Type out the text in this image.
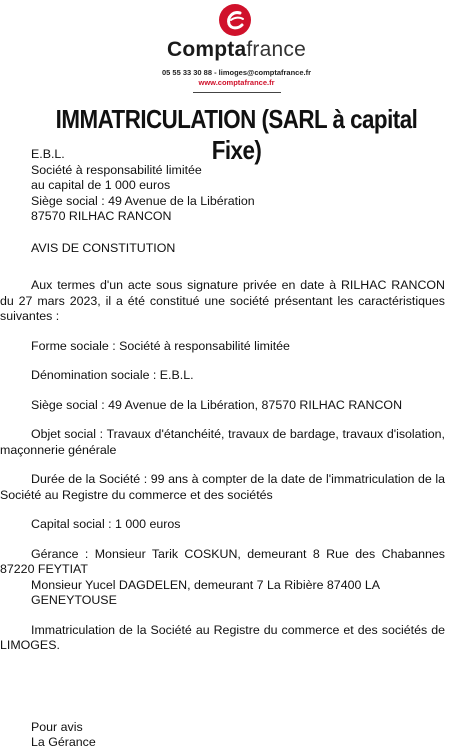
Comptafrance
05 55 33 30 88 - limoges@comptafrance.fr
www.comptafrance.fr
IMMATRICULATION (SARL à capital Fixe)

E.B.L.

Société à responsabilité limitée

au capital de 1 000 euros

Siège social : 49 Avenue de la Libération

87570 RILHAC RANCON

AVIS DE CONSTITUTION

Aux termes d'un acte sous signature privée en date à RILHAC RANCON du 27 mars 2023, il a été constitué une société présentant les caractéristiques suivantes :

Forme sociale : Société à responsabilité limitée

Dénomination sociale : E.B.L.

Siège social : 49 Avenue de la Libération, 87570 RILHAC RANCON

Objet social : Travaux d'étanchéité, travaux de bardage, travaux d'isolation, maçonnerie générale

Durée de la Société : 99 ans à compter de la date de l'immatriculation de la Société au Registre du commerce et des sociétés

Capital social : 1 000 euros

Gérance : Monsieur Tarik COSKUN, demeurant 8 Rue des Chabannes 87220 FEYTIAT

Monsieur Yucel DAGDELEN, demeurant 7 La Ribière 87400 LA GENEYTOUSE

Immatriculation de la Société au Registre du commerce et des sociétés de LIMOGES.

Pour avis

La Gérance
